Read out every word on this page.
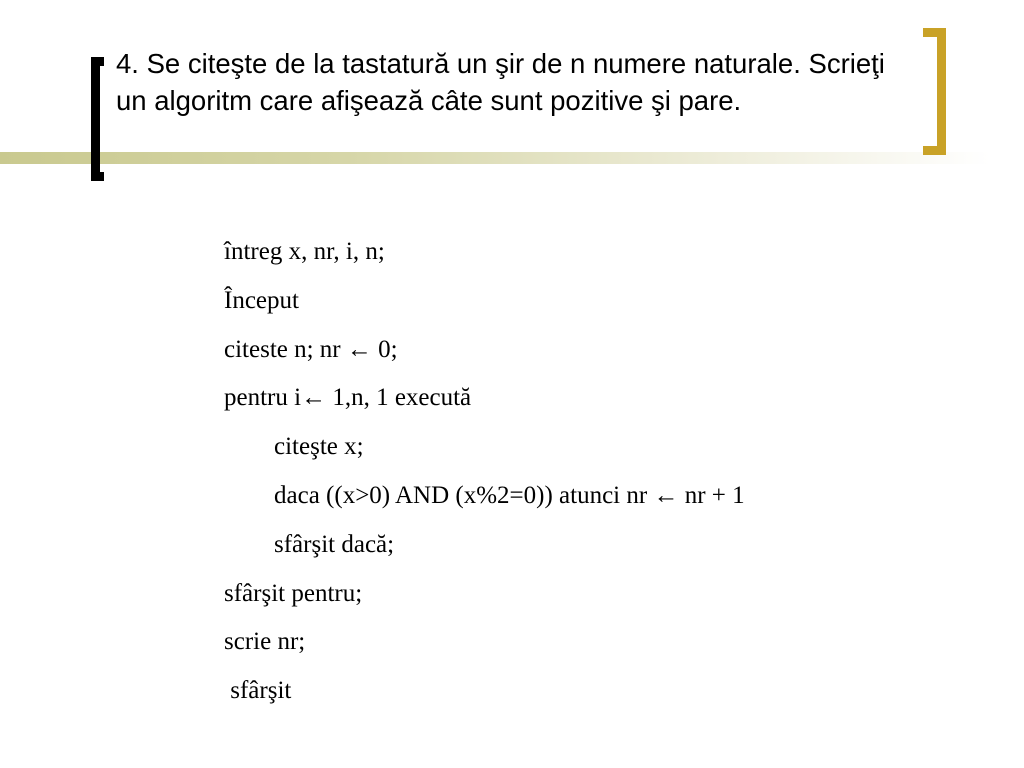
4. Se citeşte de la tastatură un şir de n numere naturale. Scrieţi un algoritm care afişează câte sunt pozitive şi pare.
întreg x, nr, i, n;
Început
citeste n; nr ← 0;
pentru i← 1,n, 1 execută
citeşte x;
daca ((x>0) AND (x%2=0)) atunci nr ← nr + 1
sfârşit dacă;
sfârşit pentru;
scrie nr;
sfârşit
